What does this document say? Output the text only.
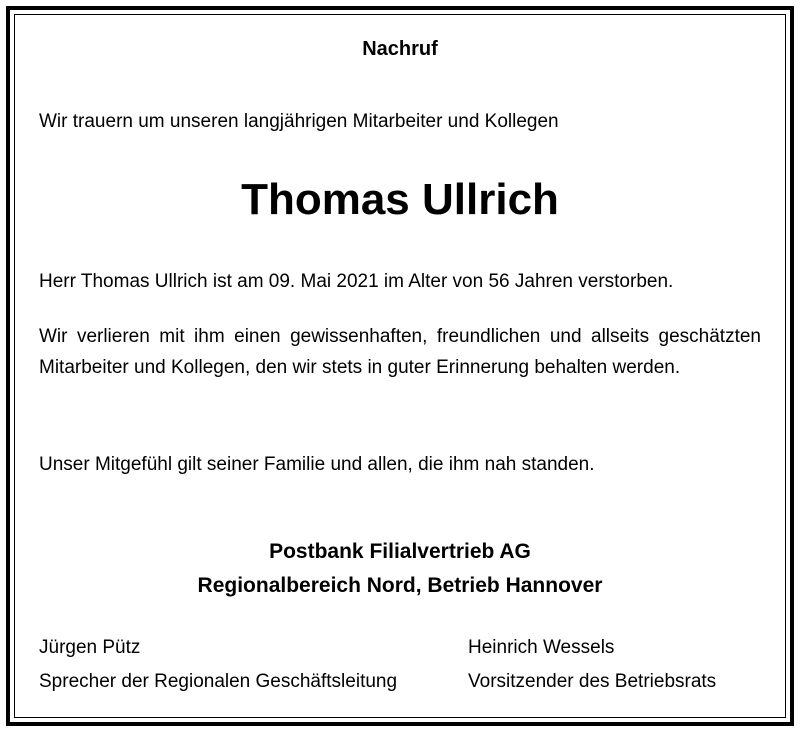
Nachruf
Wir trauern um unseren langjährigen Mitarbeiter und Kollegen
Thomas Ullrich
Herr Thomas Ullrich ist am 09. Mai 2021 im Alter von 56 Jahren verstorben.
Wir verlieren mit ihm einen gewissenhaften, freundlichen und allseits geschätzten Mitarbeiter und Kollegen, den wir stets in guter Erinnerung behalten werden.
Unser Mitgefühl gilt seiner Familie und allen, die ihm nah standen.
Postbank Filialvertrieb AG
Regionalbereich Nord, Betrieb Hannover
Jürgen Pütz
Sprecher der Regionalen Geschäftsleitung
Heinrich Wessels
Vorsitzender des Betriebsrats
